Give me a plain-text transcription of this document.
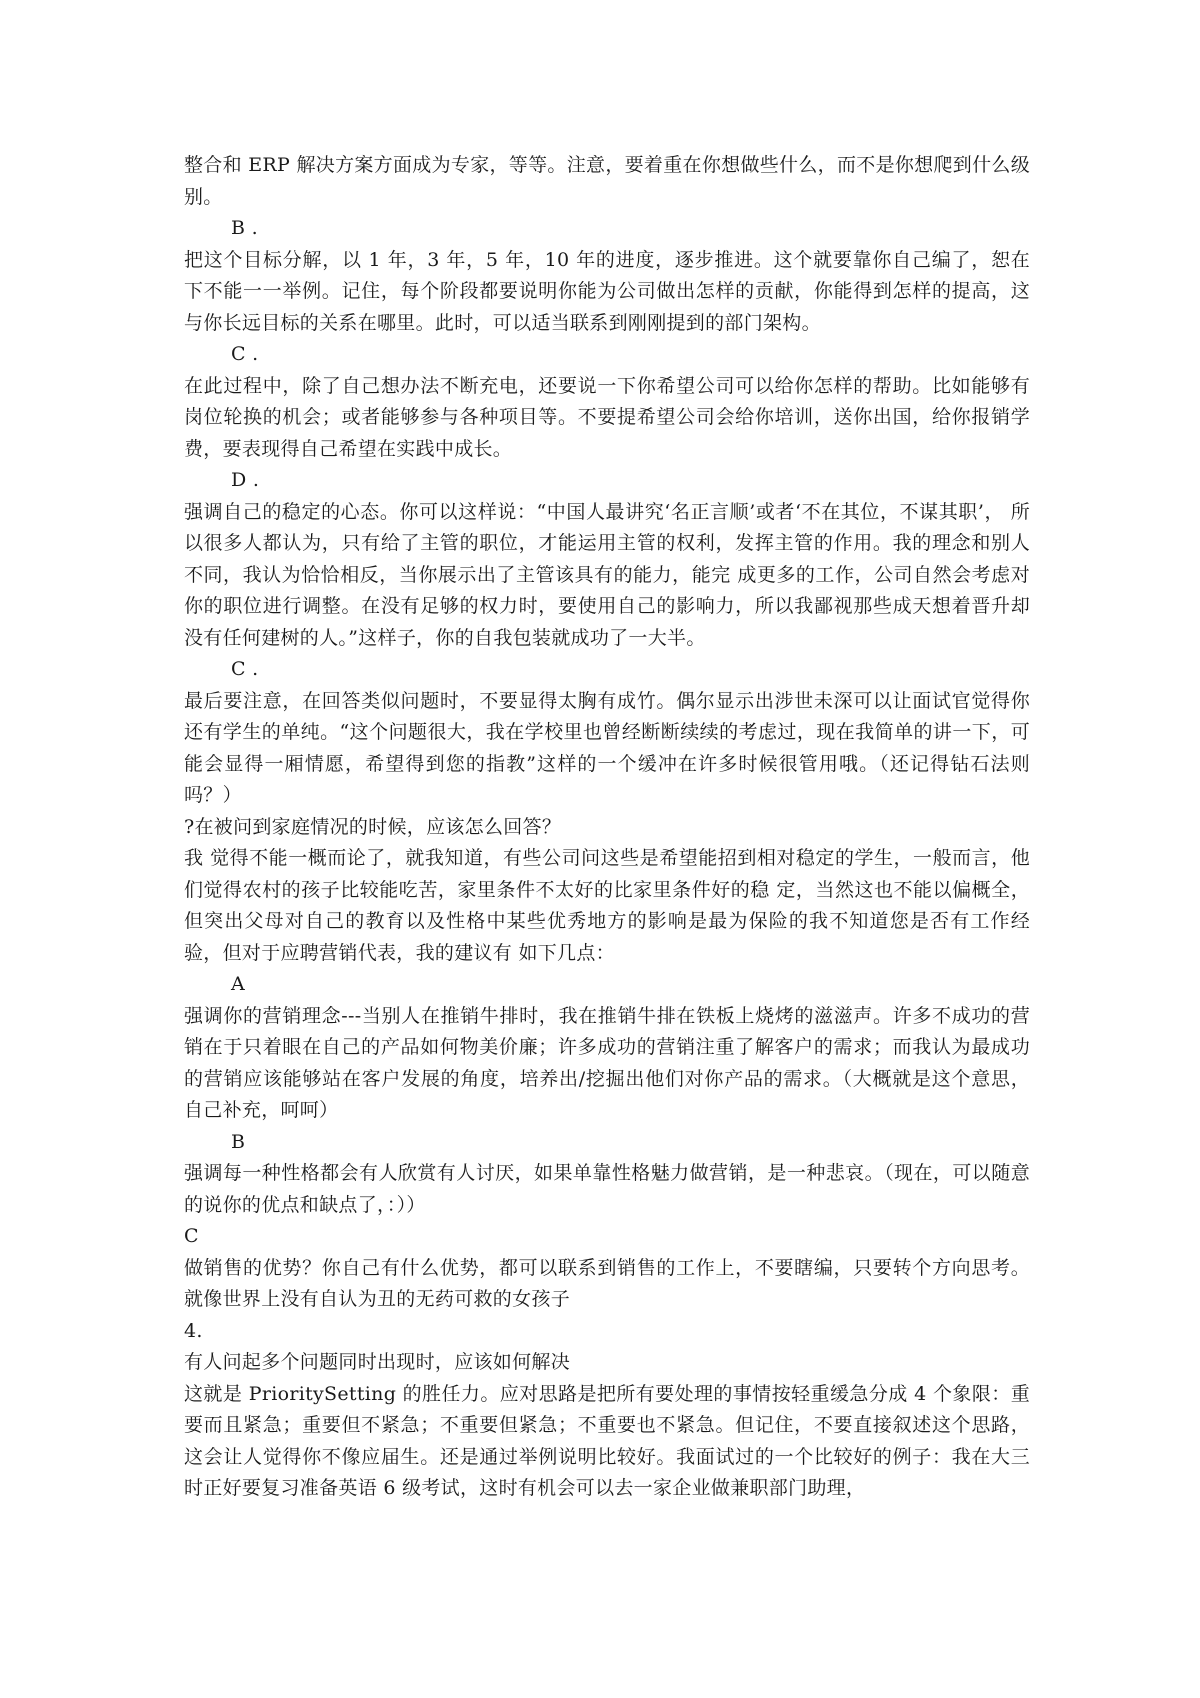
整合和 ERP 解决方案方面成为专家，等等。注意，要着重在你想做些什么，而不是你想爬到什么级别。

B .

把这个目标分解，以 1 年，3 年，5 年，10 年的进度，逐步推进。这个就要靠你自己编了，恕在下不能一一举例。记住，每个阶段都要说明你能为公司做出怎样的贡献，你能得到怎样的提高，这与你长远目标的关系在哪里。此时，可以适当联系到刚刚提到的部门架构。

C .

在此过程中，除了自己想办法不断充电，还要说一下你希望公司可以给你怎样的帮助。比如能够有岗位轮换的机会；或者能够参与各种项目等。不要提希望公司会给你培训，送你出国，给你报销学费，要表现得自己希望在实践中成长。

D .

强调自己的稳定的心态。你可以这样说：“中国人最讲究‘名正言顺’或者‘不在其位，不谋其职’， 所以很多人都认为，只有给了主管的职位，才能运用主管的权利，发挥主管的作用。我的理念和别人不同，我认为恰恰相反，当你展示出了主管该具有的能力，能完 成更多的工作，公司自然会考虑对你的职位进行调整。在没有足够的权力时，要使用自己的影响力，所以我鄙视那些成天想着晋升却没有任何建树的人。”这样子，你的自我包装就成功了一大半。

C .

最后要注意，在回答类似问题时，不要显得太胸有成竹。偶尔显示出涉世未深可以让面试官觉得你还有学生的单纯。“这个问题很大，我在学校里也曾经断断续续的考虑过，现在我简单的讲一下，可能会显得一厢情愿，希望得到您的指教”这样的一个缓冲在许多时候很管用哦。（还记得钻石法则吗？）

?在被问到家庭情况的时候，应该怎么回答？

我 觉得不能一概而论了，就我知道，有些公司问这些是希望能招到相对稳定的学生，一般而言，他们觉得农村的孩子比较能吃苦，家里条件不太好的比家里条件好的稳 定，当然这也不能以偏概全，但突出父母对自己的教育以及性格中某些优秀地方的影响是最为保险的我不知道您是否有工作经验，但对于应聘营销代表，我的建议有 如下几点：

A

强调你的营销理念---当别人在推销牛排时，我在推销牛排在铁板上烧烤的滋滋声。许多不成功的营销在于只着眼在自己的产品如何物美价廉；许多成功的营销注重了解客户的需求；而我认为最成功的营销应该能够站在客户发展的角度，培养出/挖掘出他们对你产品的需求。（大概就是这个意思，自己补充，呵呵）

B

强调每一种性格都会有人欣赏有人讨厌，如果单靠性格魅力做营销，是一种悲哀。（现在，可以随意的说你的优点和缺点了，：））

C

做销售的优势？你自己有什么优势，都可以联系到销售的工作上，不要瞎编，只要转个方向思考。就像世界上没有自认为丑的无药可救的女孩子

4.

有人问起多个问题同时出现时，应该如何解决

这就是 PrioritySetting 的胜任力。应对思路是把所有要处理的事情按轻重缓急分成 4 个象限：重要而且紧急；重要但不紧急；不重要但紧急；不重要也不紧急。但记住，不要直接叙述这个思路，这会让人觉得你不像应届生。还是通过举例说明比较好。我面试过的一个比较好的例子：我在大三时正好要复习准备英语 6 级考试，这时有机会可以去一家企业做兼职部门助理，
